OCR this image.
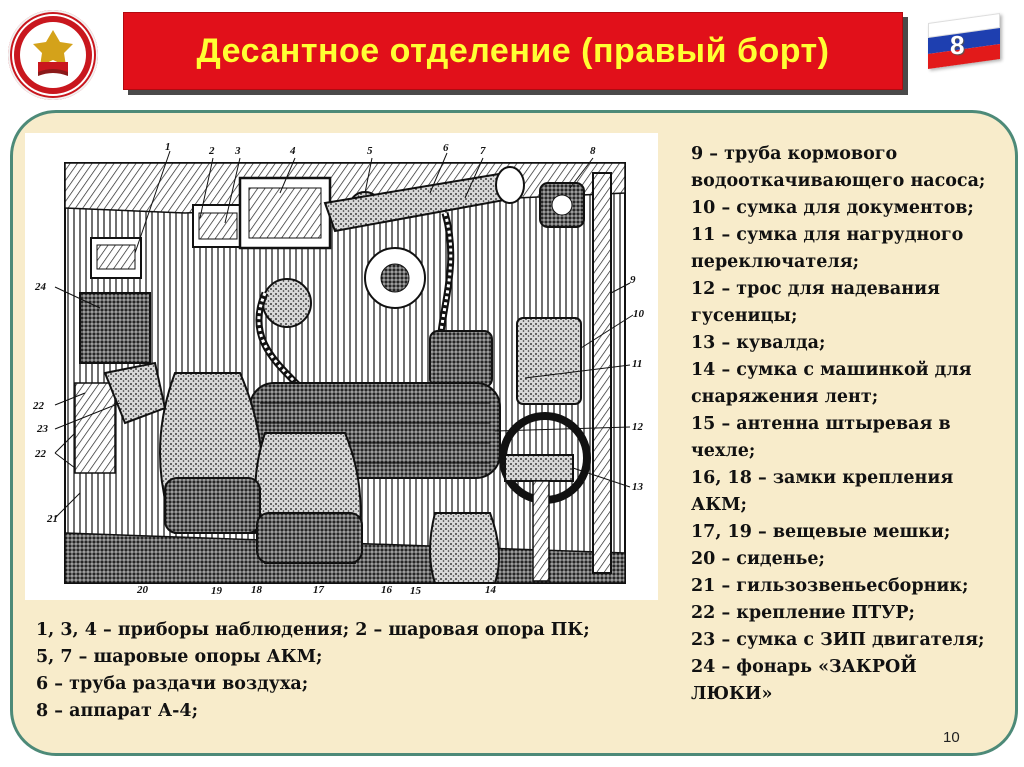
Десантное отделение (правый борт)	8
1	2 3	4	5	6	7	8
9
10
11
12
13
14
15
16
17
18
19
20
21
22
22
23
24
9 – труба кормового водооткачивающего насоса;
10 – сумка для документов;
11 – сумка для нагрудного переключателя;
12 – трос для надевания гусеницы;
13 – кувалда;
14 – сумка с машинкой для снаряжения лент;
15 – антенна штыревая в чехле;
16, 18 – замки крепления АКМ;
17, 19 – вещевые мешки;
20 – сиденье;
21 – гильзозвеньесборник;
22 – крепление ПТУР;
23 – сумка с ЗИП двигателя;
24 – фонарь «ЗАКРОЙ ЛЮКИ»
1, 3, 4 – приборы наблюдения; 2 – шаровая опора ПК;
5, 7 – шаровые опоры АКМ;
6 – труба раздачи воздуха;
8 – аппарат А-4;
10
